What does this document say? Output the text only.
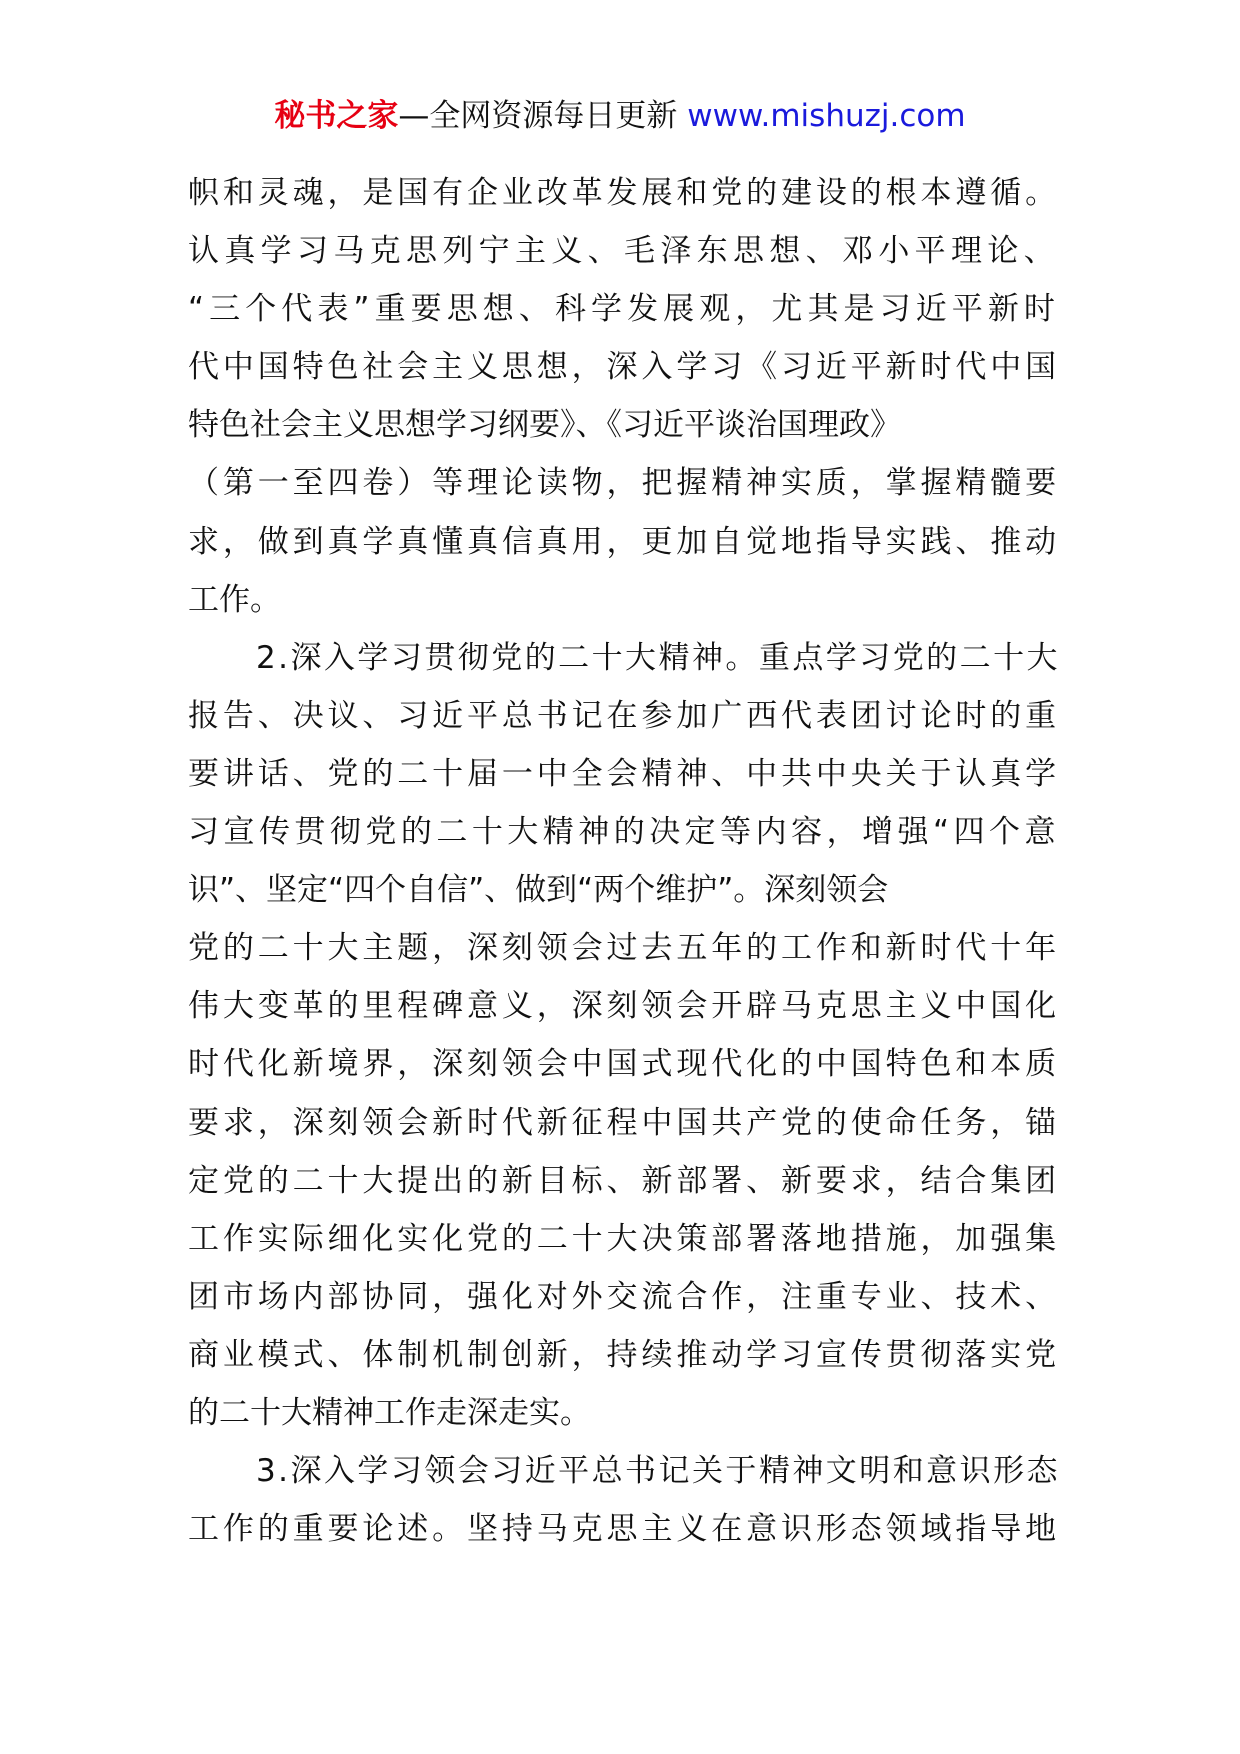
秘书之家—全网资源每日更新 www.mishuzj.com
帜和灵魂，是国有企业改革发展和党的建设的根本遵循。
认真学习马克思列宁主义、毛泽东思想、邓小平理论、
“三个代表”重要思想、科学发展观，尤其是习近平新时
代中国特色社会主义思想，深入学习《习近平新时代中国
特色社会主义思想学习纲要》、《习近平谈治国理政》
（第一至四卷）等理论读物，把握精神实质，掌握精髓要
求，做到真学真懂真信真用，更加自觉地指导实践、推动
工作。
2.深入学习贯彻党的二十大精神。重点学习党的二十大
报告、决议、习近平总书记在参加广西代表团讨论时的重
要讲话、党的二十届一中全会精神、中共中央关于认真学
习宣传贯彻党的二十大精神的决定等内容，增强“四个意
识”、坚定“四个自信”、做到“两个维护”。深刻领会
党的二十大主题，深刻领会过去五年的工作和新时代十年
伟大变革的里程碑意义，深刻领会开辟马克思主义中国化
时代化新境界，深刻领会中国式现代化的中国特色和本质
要求，深刻领会新时代新征程中国共产党的使命任务，锚
定党的二十大提出的新目标、新部署、新要求，结合集团
工作实际细化实化党的二十大决策部署落地措施，加强集
团市场内部协同，强化对外交流合作，注重专业、技术、
商业模式、体制机制创新，持续推动学习宣传贯彻落实党
的二十大精神工作走深走实。
3.深入学习领会习近平总书记关于精神文明和意识形态
工作的重要论述。坚持马克思主义在意识形态领域指导地
